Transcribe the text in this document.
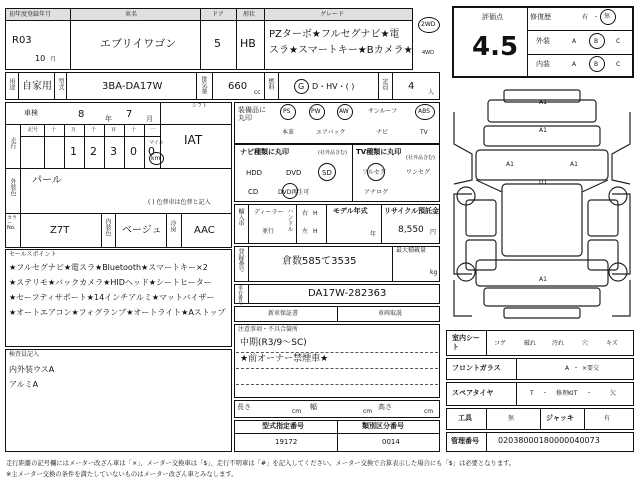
初年度登録年月
R03
10 月
車名
エブリイワゴン
ドア
5
形状
HB
グレード
PZターボ★フルセグナビ★電
スラ★スマートキー★Bカメラ★
2WD
4WD
用途 自家用 型式	3BA-DA17W	排気量 660
cc
燃料	G D・HV・( )	定員 4
人
車検	8	年 7 月
走行
記号	十	万	千	百	十	一
1 2 3 0 0
マイル
km
シフト
IAT
外装色 パール
( ) 色替車は色替と記入
カラー No.	Z7T	内装色 ベージュ 冷房 AAC
セールスポイント
★フルセグナビ★電スラ★Bluetooth★スマートキー×2
★ステリモ★バックカメラ★HIDヘッド★シートヒーター
★セーフティサポート★14インチアルミ★マットバイザー
★オートエアコン★フォグランプ★オートライト★Aストップ
検査員記入
内外装ウスA
アルミA
装備品に丸印
PS	PW	AW	サンルーフ	ABS
本革	エアバック	ナビ	TV
ナビ種類に丸印	(社外品含む)
HDD	DVD	SD
CD	DVD再生可
TV種類に丸印
(社外品含む)
フルセグ	ワンセグ
アナログ
輸入車 ディーラー
並行 ハンドル 右 H
左 H
モデル年式
年
リサイクル預託金
8,550 円
登録番号	倉数585て3535
最大積載量
kg
車台番号	DA17W-282363
新車保証書	車両取説
注意事項・不具合箇所
中期(R3/9～SC)
★前オーナー禁煙車★
長さ
cm
幅
cm
高さ
cm
型式指定番号
19172
類別区分番号
0014
評価点
4.5
修復歴	有 ・ 無
外装	A	B	C
内装	A	B	C
A1
A1
A1	A1
U1
A1
室内シート	コゲ	破れ	汚れ	穴	キズ
フロントガラス	A ・ ×要交
スペアタイヤ	T ・ 修理KIT ・	欠
工具	無	ジャッキ	有
管理番号 02038000180000040073
走行距離の記号欄にはメーター改ざん車は「×」、メーター交換車は「$」、走行不明車は「#」を記入してください。メーター交換で合算表示した場合にも「$」は必要となります。
※主メーター交換の条件を満たしていないものはメーター改ざん車とみなします。
